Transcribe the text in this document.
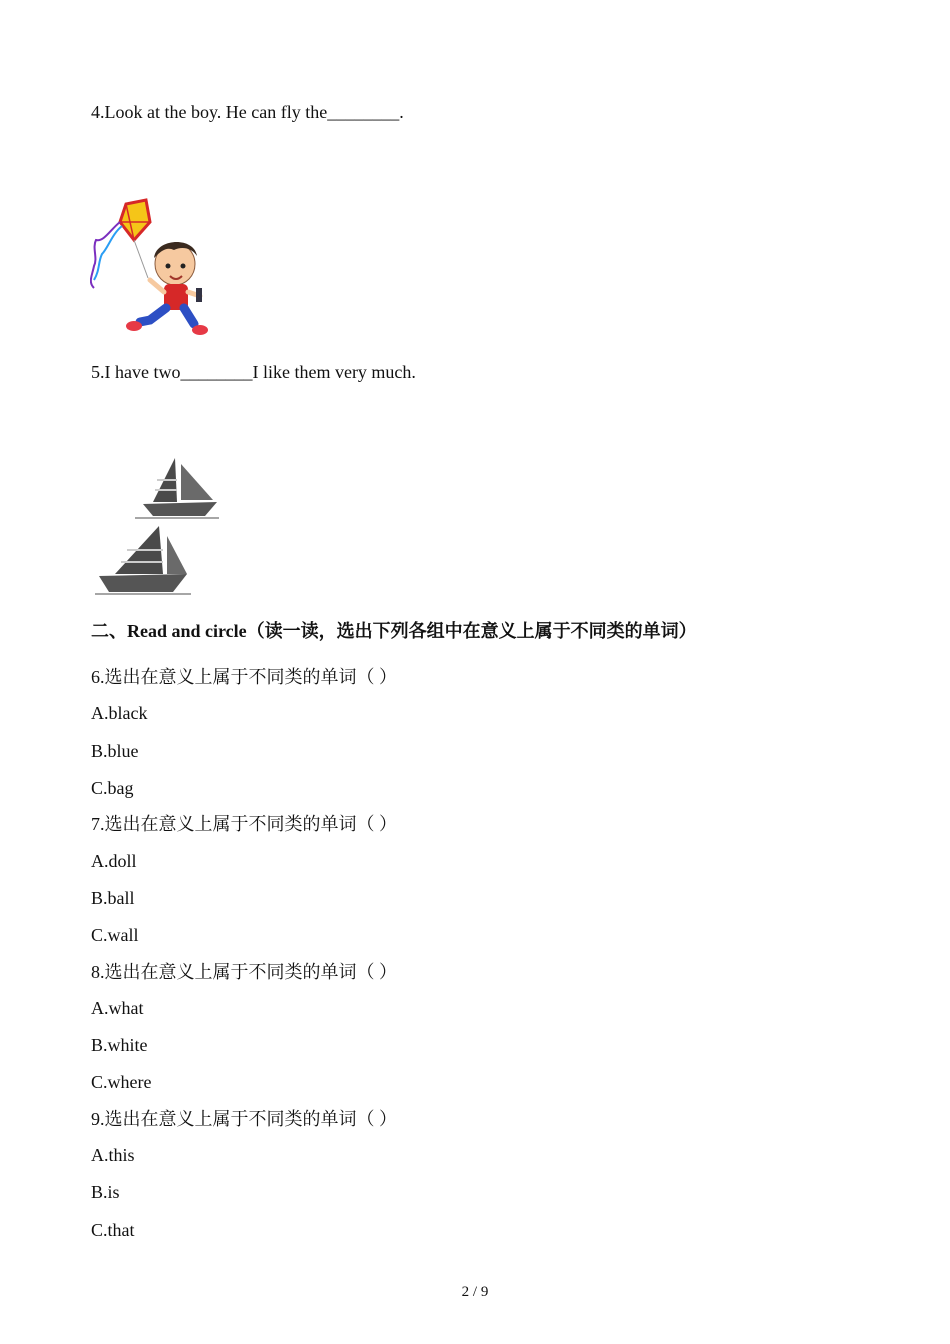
4.Look at the boy. He can fly the________.
5.I have two________I like them very much.
二、Read and circle（读一读，选出下列各组中在意义上属于不同类的单词）
6.选出在意义上属于不同类的单词（ ）
A.black
B.blue
C.bag
7.选出在意义上属于不同类的单词（ ）
A.doll
B.ball
C.wall
8.选出在意义上属于不同类的单词（ ）
A.what
B.white
C.where
9.选出在意义上属于不同类的单词（ ）
A.this
B.is
C.that
2 / 9
